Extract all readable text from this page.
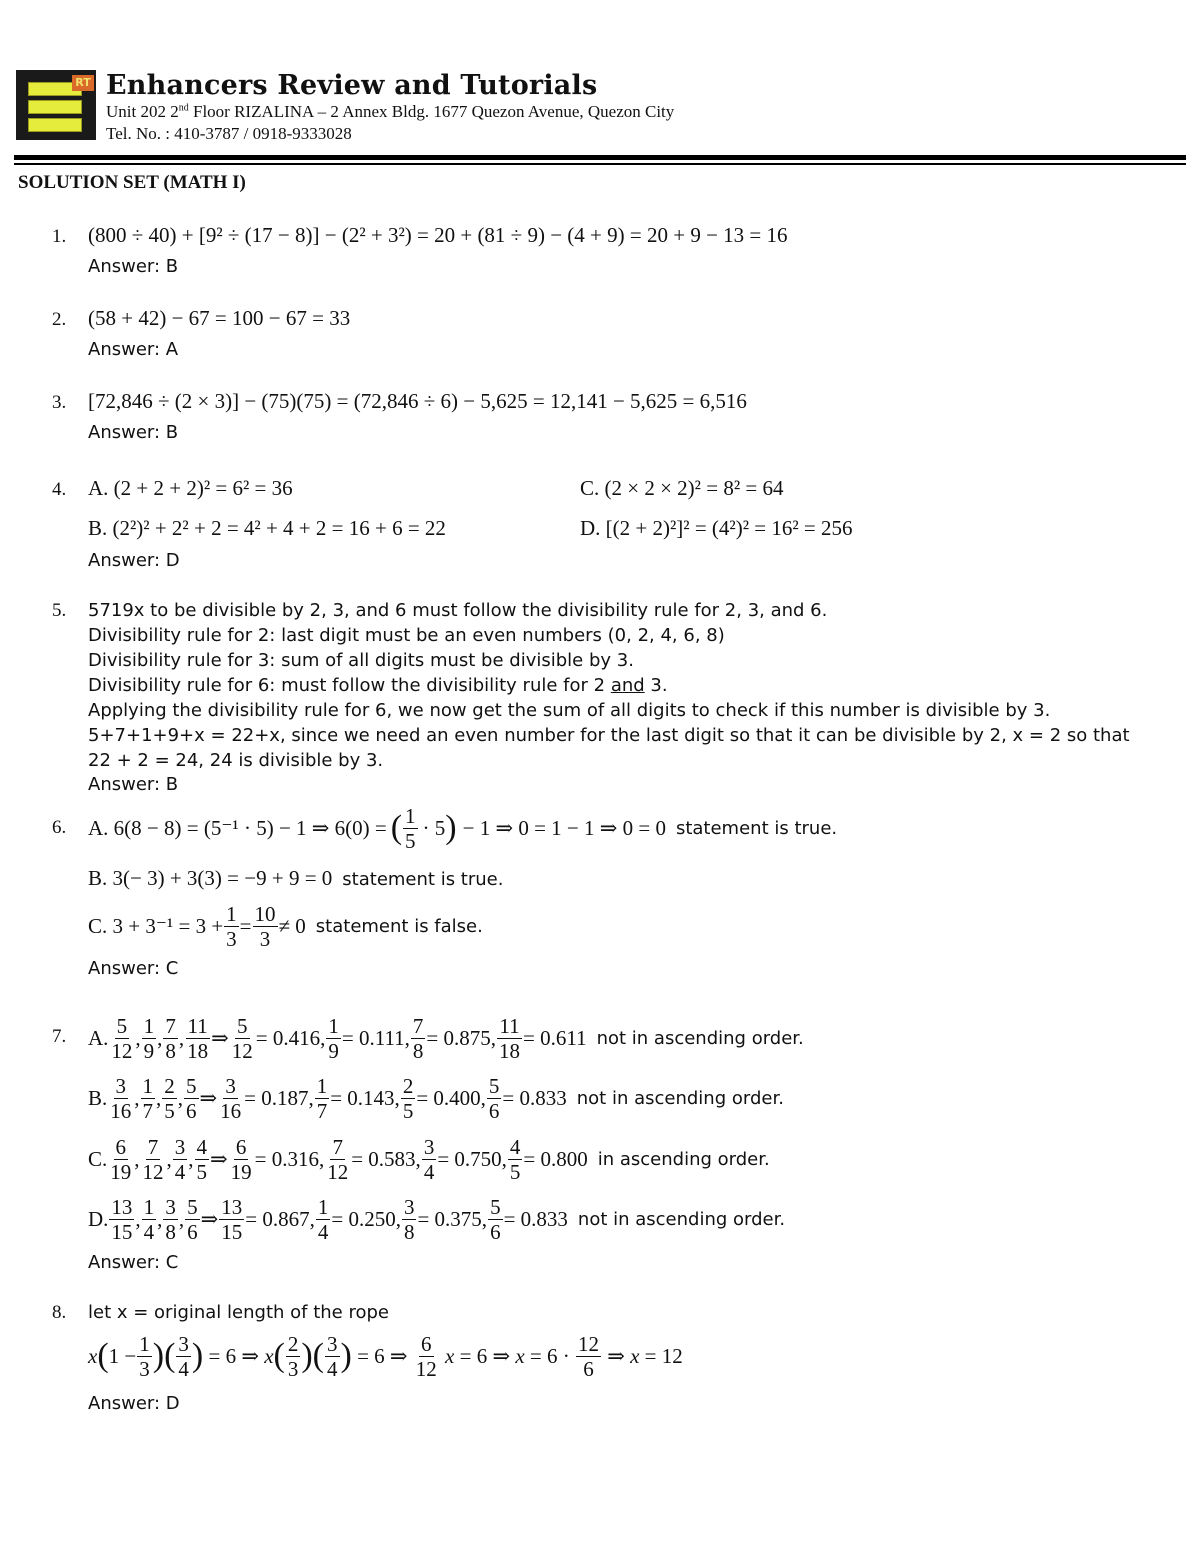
RT Enhancers Review and Tutorials
Unit 202 2nd Floor RIZALINA – 2 Annex Bldg. 1677 Quezon Avenue, Quezon City
Tel. No. : 410-3787 / 0918-9333028
SOLUTION SET (MATH I)
1. (800 ÷ 40) + [9² ÷ (17 − 8)] − (2² + 3²) = 20 + (81 ÷ 9) − (4 + 9) = 20 + 9 − 13 = 16
Answer: B
2. (58 + 42) − 67 = 100 − 67 = 33
Answer: A
3. [72,846 ÷ (2 × 3)] − (75)(75) = (72,846 ÷ 6) − 5,625 = 12,141 − 5,625 = 6,516
Answer: B
4. A. (2 + 2 + 2)² = 6² = 36	C. (2 × 2 × 2)² = 8² = 64
B. (2²)² + 2² + 2 = 4² + 4 + 2 = 16 + 6 = 22	D. [(2 + 2)²]² = (4²)² = 16² = 256
Answer: D
5. 5719x to be divisible by 2, 3, and 6 must follow the divisibility rule for 2, 3, and 6.
Divisibility rule for 2: last digit must be an even numbers (0, 2, 4, 6, 8)
Divisibility rule for 3: sum of all digits must be divisible by 3.
Divisibility rule for 6: must follow the divisibility rule for 2 and 3.
Applying the divisibility rule for 6, we now get the sum of all digits to check if this number is divisible by 3.
5+7+1+9+x = 22+x, since we need an even number for the last digit so that it can be divisible by 2, x = 2 so that
22 + 2 = 24, 24 is divisible by 3.
Answer: B
6. A. 6(8 − 8) = (5⁻¹ · 5) − 1 ⇒ 6(0) = ( $\frac{1}{5} \cdot 5$ ) − 1 ⇒ 0 = 1 − 1 ⇒ 0 = 0 statement is true.
B. 3(− 3) + 3(3) = −9 + 9 = 0 statement is true.
C. $3 + 3^{-1} = 3 + \frac{1}{3} = \frac{10}{3} \ne 0$ statement is false.
Answer: C
7. A. $\frac{5}{12}$ , $\frac{1}{9}$ , $\frac{7}{8}$ , $\frac{11}{18}$ ⇒ $\frac{5}{12} = 0.416$, $\frac{1}{9} = 0.111$, $\frac{7}{8} = 0.875$, $\frac{11}{18} = 0.611$ not in ascending order.
B. $\frac{3}{16}$ , $\frac{1}{7}$ , $\frac{2}{5}$ , $\frac{5}{6}$ ⇒ $\frac{3}{16} = 0.187$, $\frac{1}{7} = 0.143$, $\frac{2}{5} = 0.400$, $\frac{5}{6} = 0.833$ not in ascending order.
C. $\frac{6}{19}$ , $\frac{7}{12}$ , $\frac{3}{4}$ , $\frac{4}{5}$ ⇒ $\frac{6}{19} = 0.316$, $\frac{7}{12} = 0.583$, $\frac{3}{4} = 0.750$, $\frac{4}{5} = 0.800$ in ascending order.
D. $\frac{13}{15}$ , $\frac{1}{4}$ , $\frac{3}{8}$ , $\frac{5}{6}$ ⇒ $\frac{13}{15} = 0.867$, $\frac{1}{4} = 0.250$, $\frac{3}{8} = 0.375$, $\frac{5}{6} = 0.833$ not in ascending order.
Answer: C
8. let x = original length of the rope
x ( $1 - \frac{1}{3}$ )( $\frac{3}{4}$ ) = 6 ⇒ x ( $\frac{2}{3}$ )( $\frac{3}{4}$ ) = 6 ⇒ $\frac{6}{12}$
x = 6 ⇒ $x = 6 \cdot \frac{12}{6}$ ⇒ x = 12
Answer: D
